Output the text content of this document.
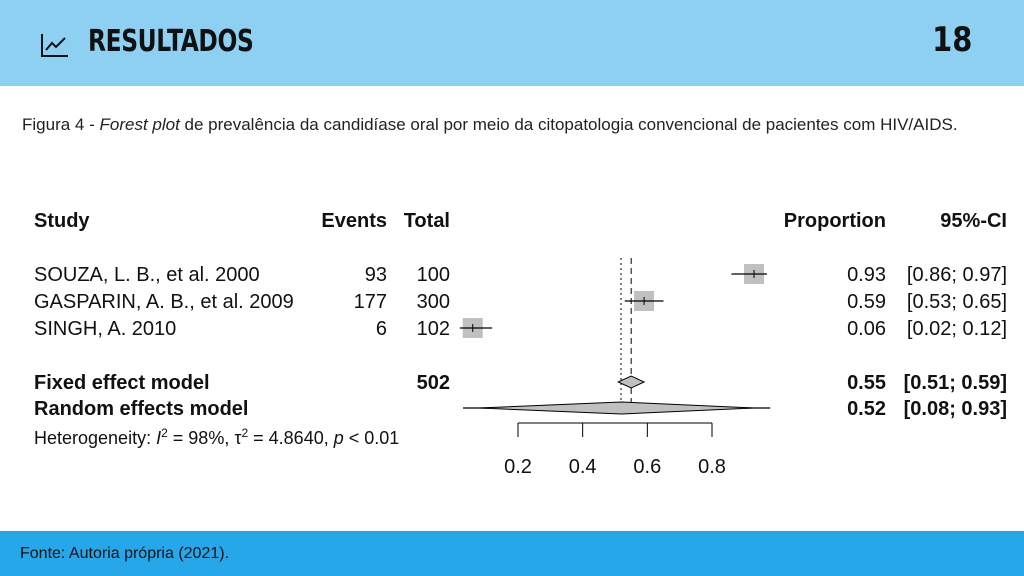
RESULTADOS	18
Figura 4 - Forest plot de prevalência da candidíase oral por meio da citopatologia convencional de pacientes com HIV/AIDS.
Study	Events Total	Proportion	95%-CI
SOUZA, L. B., et al. 2000	93 100	0.93 [0.86; 0.97]
GASPARIN, A. B., et al. 2009	177 300	0.59 [0.53; 0.65]
SINGH, A. 2010	6 102	0.06 [0.02; 0.12]
Fixed effect model	502	0.55 [0.51; 0.59]
Random effects model	0.52 [0.08; 0.93]
Heterogeneity: $I^2 = 98\%$, $\tau^2 = 4.8640$, p < 0.01
0.2 0.4 0.6 0.8
Fonte: Autoria própria (2021).
